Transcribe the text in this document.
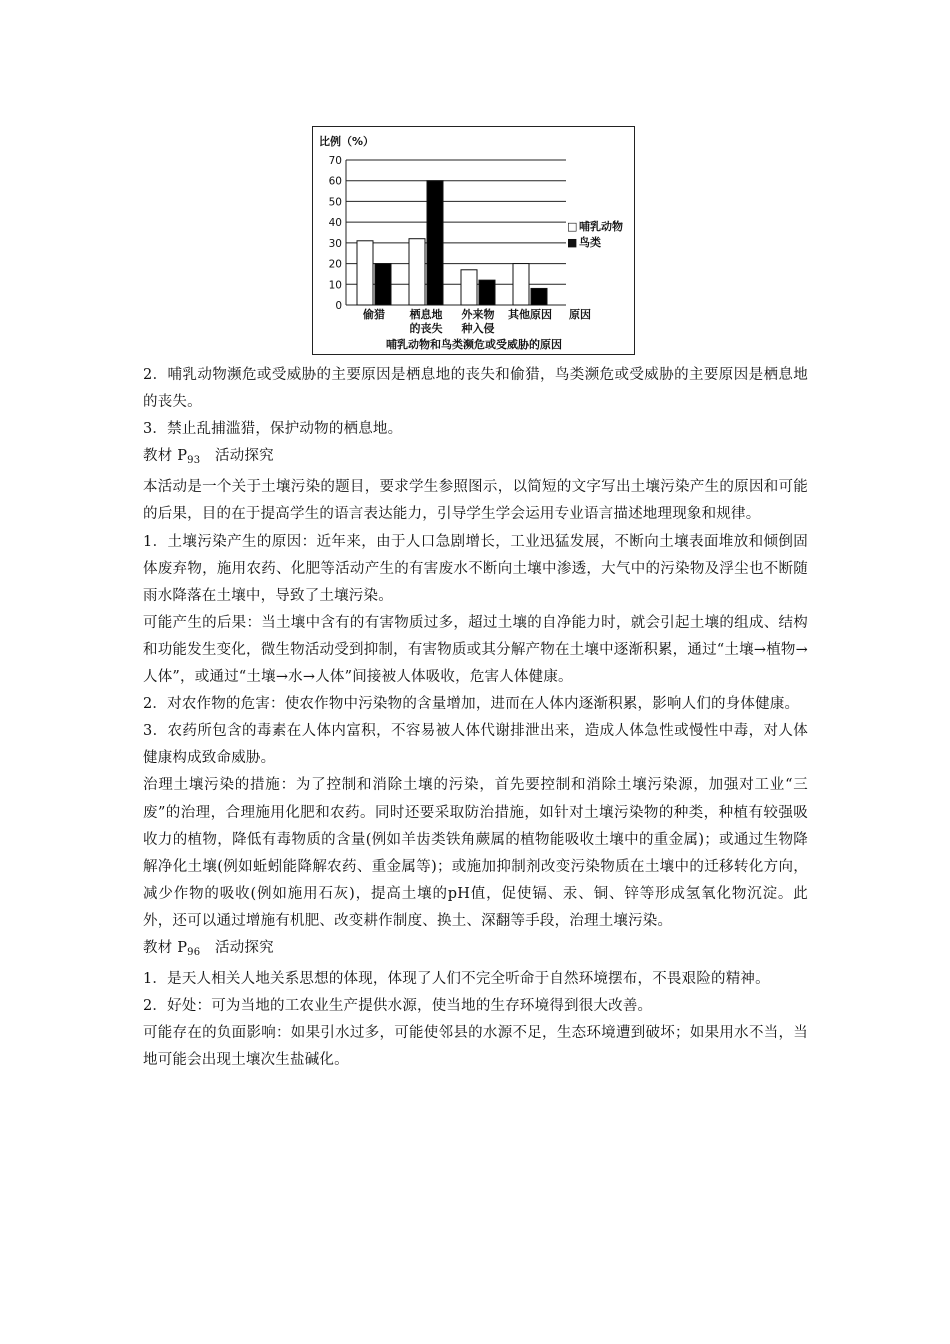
比例（%）
0
10
20
30
40
50
60
70
偷猎 栖息地
的丧失
外来物
种入侵
其他原因 原因
□ 哺乳动物
■ 鸟类
哺乳动物和鸟类濒危或受威胁的原因

2．哺乳动物濒危或受威胁的主要原因是栖息地的丧失和偷猎，鸟类濒危或受威胁的主要原因是栖息地的丧失。

3．禁止乱捕滥猎，保护动物的栖息地。

教材 $P_{93}$　活动探究

本活动是一个关于土壤污染的题目，要求学生参照图示，以简短的文字写出土壤污染产生的原因和可能的后果，目的在于提高学生的语言表达能力，引导学生学会运用专业语言描述地理现象和规律。

1．土壤污染产生的原因：近年来，由于人口急剧增长，工业迅猛发展，不断向土壤表面堆放和倾倒固体废弃物，施用农药、化肥等活动产生的有害废水不断向土壤中渗透，大气中的污染物及浮尘也不断随雨水降落在土壤中，导致了土壤污染。

可能产生的后果：当土壤中含有的有害物质过多，超过土壤的自净能力时，就会引起土壤的组成、结构和功能发生变化，微生物活动受到抑制，有害物质或其分解产物在土壤中逐渐积累，通过“土壤→植物→人体”，或通过“土壤→水→人体”间接被人体吸收，危害人体健康。

2．对农作物的危害：使农作物中污染物的含量增加，进而在人体内逐渐积累，影响人们的身体健康。

3．农药所包含的毒素在人体内富积，不容易被人体代谢排泄出来，造成人体急性或慢性中毒，对人体健康构成致命威胁。

治理土壤污染的措施：为了控制和消除土壤的污染，首先要控制和消除土壤污染源，加强对工业“三废”的治理，合理施用化肥和农药。同时还要采取防治措施，如针对土壤污染物的种类，种植有较强吸收力的植物，降低有毒物质的含量(例如羊齿类铁角蕨属的植物能吸收土壤中的重金属)；或通过生物降解净化土壤(例如蚯蚓能降解农药、重金属等)；或施加抑制剂改变污染物质在土壤中的迁移转化方向，减少作物的吸收(例如施用石灰)，提高土壤的pH值，促使镉、汞、铜、锌等形成氢氧化物沉淀。此外，还可以通过增施有机肥、改变耕作制度、换土、深翻等手段，治理土壤污染。

教材 $P_{96}$　活动探究

1．是天人相关人地关系思想的体现，体现了人们不完全听命于自然环境摆布，不畏艰险的精神。

2．好处：可为当地的工农业生产提供水源，使当地的生存环境得到很大改善。

可能存在的负面影响：如果引水过多，可能使邻县的水源不足，生态环境遭到破坏；如果用水不当，当地可能会出现土壤次生盐碱化。
